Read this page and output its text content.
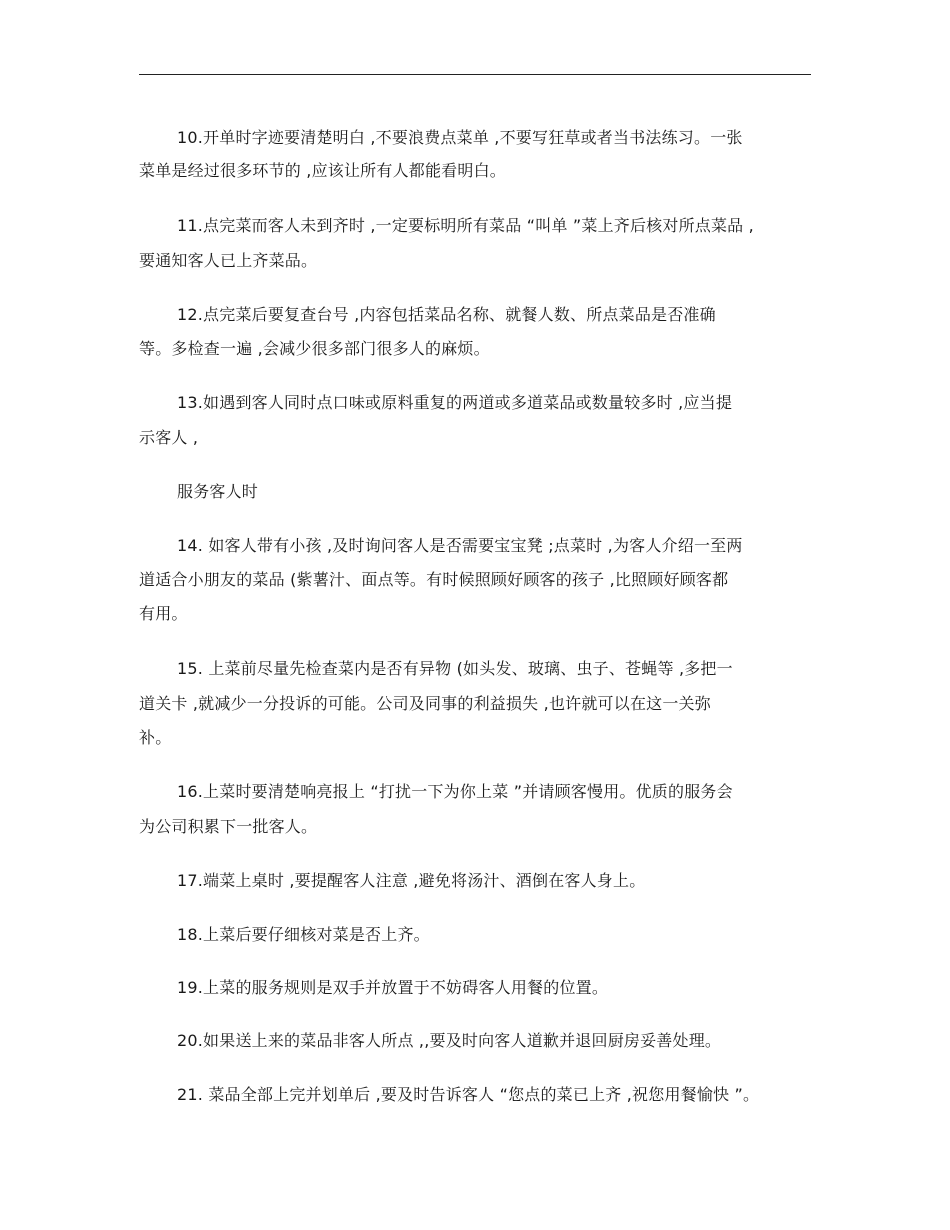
10.开单时字迹要清楚明白 ,不要浪费点菜单 ,不要写狂草或者当书法练习。一张
菜单是经过很多环节的 ,应该让所有人都能看明白。
11.点完菜而客人未到齐时 ,一定要标明所有菜品 “叫单 ”菜上齐后核对所点菜品 ,
要通知客人已上齐菜品。
12.点完菜后要复查台号 ,内容包括菜品名称、就餐人数、所点菜品是否准确
等。多检查一遍 ,会减少很多部门很多人的麻烦。
13.如遇到客人同时点口味或原料重复的两道或多道菜品或数量较多时 ,应当提
示客人 ,
服务客人时
14. 如客人带有小孩 ,及时询问客人是否需要宝宝凳 ;点菜时 ,为客人介绍一至两
道适合小朋友的菜品 (紫薯汁、面点等。有时候照顾好顾客的孩子 ,比照顾好顾客都
有用。
15. 上菜前尽量先检查菜内是否有异物 (如头发、玻璃、虫子、苍蝇等 ,多把一
道关卡 ,就减少一分投诉的可能。公司及同事的利益损失 ,也许就可以在这一关弥
补。
16.上菜时要清楚响亮报上 “打扰一下为你上菜 ”并请顾客慢用。优质的服务会
为公司积累下一批客人。
17.端菜上桌时 ,要提醒客人注意 ,避免将汤汁、酒倒在客人身上。
18.上菜后要仔细核对菜是否上齐。
19.上菜的服务规则是双手并放置于不妨碍客人用餐的位置。
20.如果送上来的菜品非客人所点 ,,要及时向客人道歉并退回厨房妥善处理。
21. 菜品全部上完并划单后 ,要及时告诉客人 “您点的菜已上齐 ,祝您用餐愉快 ”。
